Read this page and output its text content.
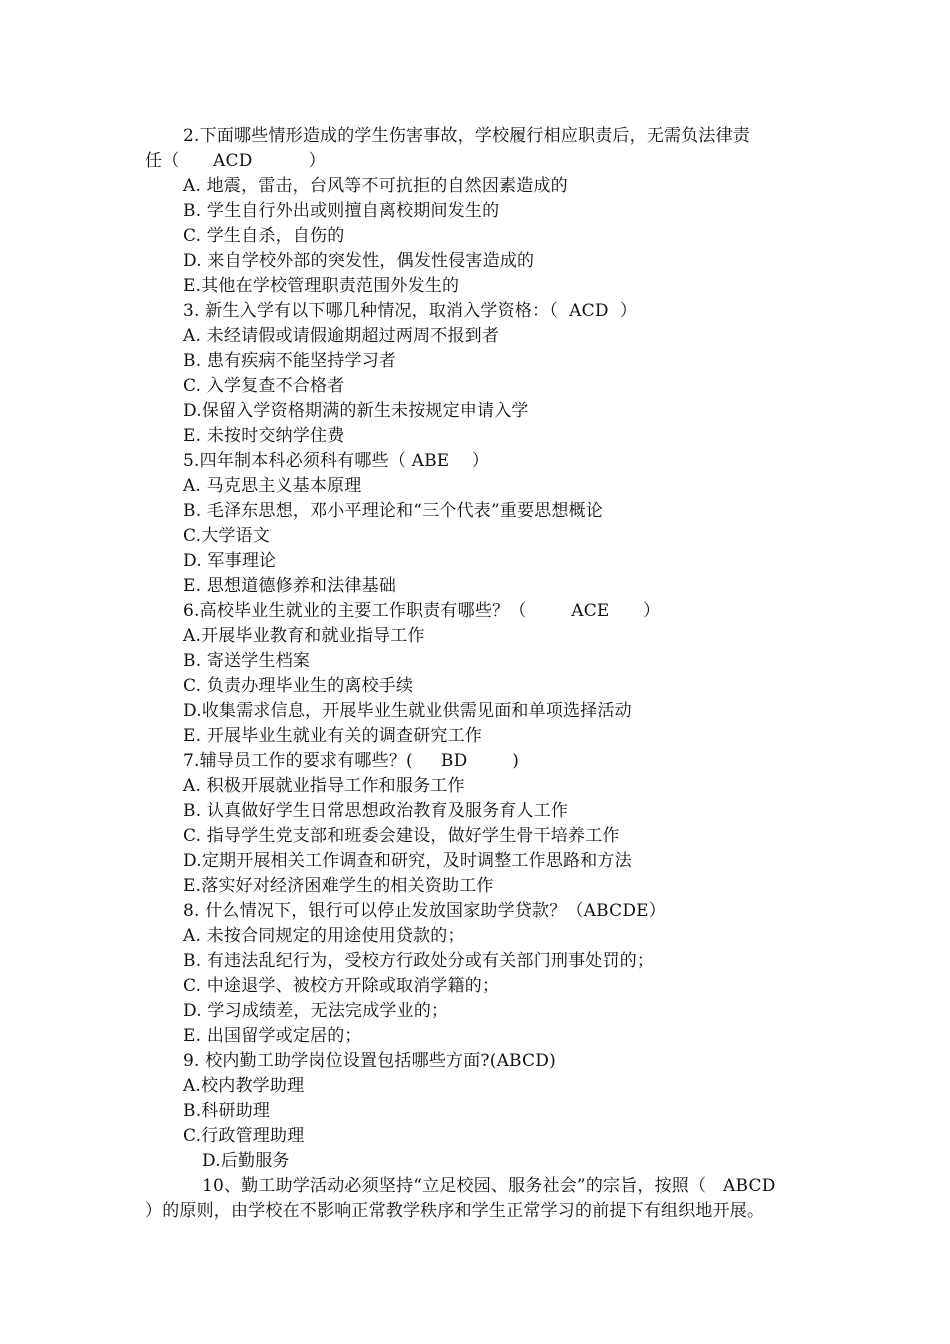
2.下面哪些情形造成的学生伤害事故，学校履行相应职责后，无需负法律责
任（      ACD          ）
A. 地震，雷击，台风等不可抗拒的自然因素造成的
B. 学生自行外出或则擅自离校期间发生的
C. 学生自杀，自伤的
D. 来自学校外部的突发性，偶发性侵害造成的
E.其他在学校管理职责范围外发生的
3. 新生入学有以下哪几种情况，取消入学资格：（  ACD  ）
A. 未经请假或请假逾期超过两周不报到者
B. 患有疾病不能坚持学习者
C. 入学复查不合格者
D.保留入学资格期满的新生未按规定申请入学
E. 未按时交纳学住费
5.四年制本科必须科有哪些（ ABE    ）
A. 马克思主义基本原理
B. 毛泽东思想，邓小平理论和“三个代表”重要思想概论
C.大学语文
D. 军事理论
E. 思想道德修养和法律基础
6.高校毕业生就业的主要工作职责有哪些？（        ACE      ）
A.开展毕业教育和就业指导工作
B. 寄送学生档案
C. 负责办理毕业生的离校手续
D.收集需求信息，开展毕业生就业供需见面和单项选择活动
E. 开展毕业生就业有关的调查研究工作
7.辅导员工作的要求有哪些？(     BD        )
A. 积极开展就业指导工作和服务工作
B. 认真做好学生日常思想政治教育及服务育人工作
C. 指导学生党支部和班委会建设，做好学生骨干培养工作
D.定期开展相关工作调查和研究，及时调整工作思路和方法
E.落实好对经济困难学生的相关资助工作
8. 什么情况下，银行可以停止发放国家助学贷款？（ABCDE）
A. 未按合同规定的用途使用贷款的；
B. 有违法乱纪行为，受校方行政处分或有关部门刑事处罚的；
C. 中途退学、被校方开除或取消学籍的；
D. 学习成绩差，无法完成学业的；
E. 出国留学或定居的；
9. 校内勤工助学岗位设置包括哪些方面?(ABCD)
A.校内教学助理
B.科研助理
C.行政管理助理
D.后勤服务
10、勤工助学活动必须坚持“立足校园、服务社会”的宗旨，按照（   ABCD
）的原则，由学校在不影响正常教学秩序和学生正常学习的前提下有组织地开展。
